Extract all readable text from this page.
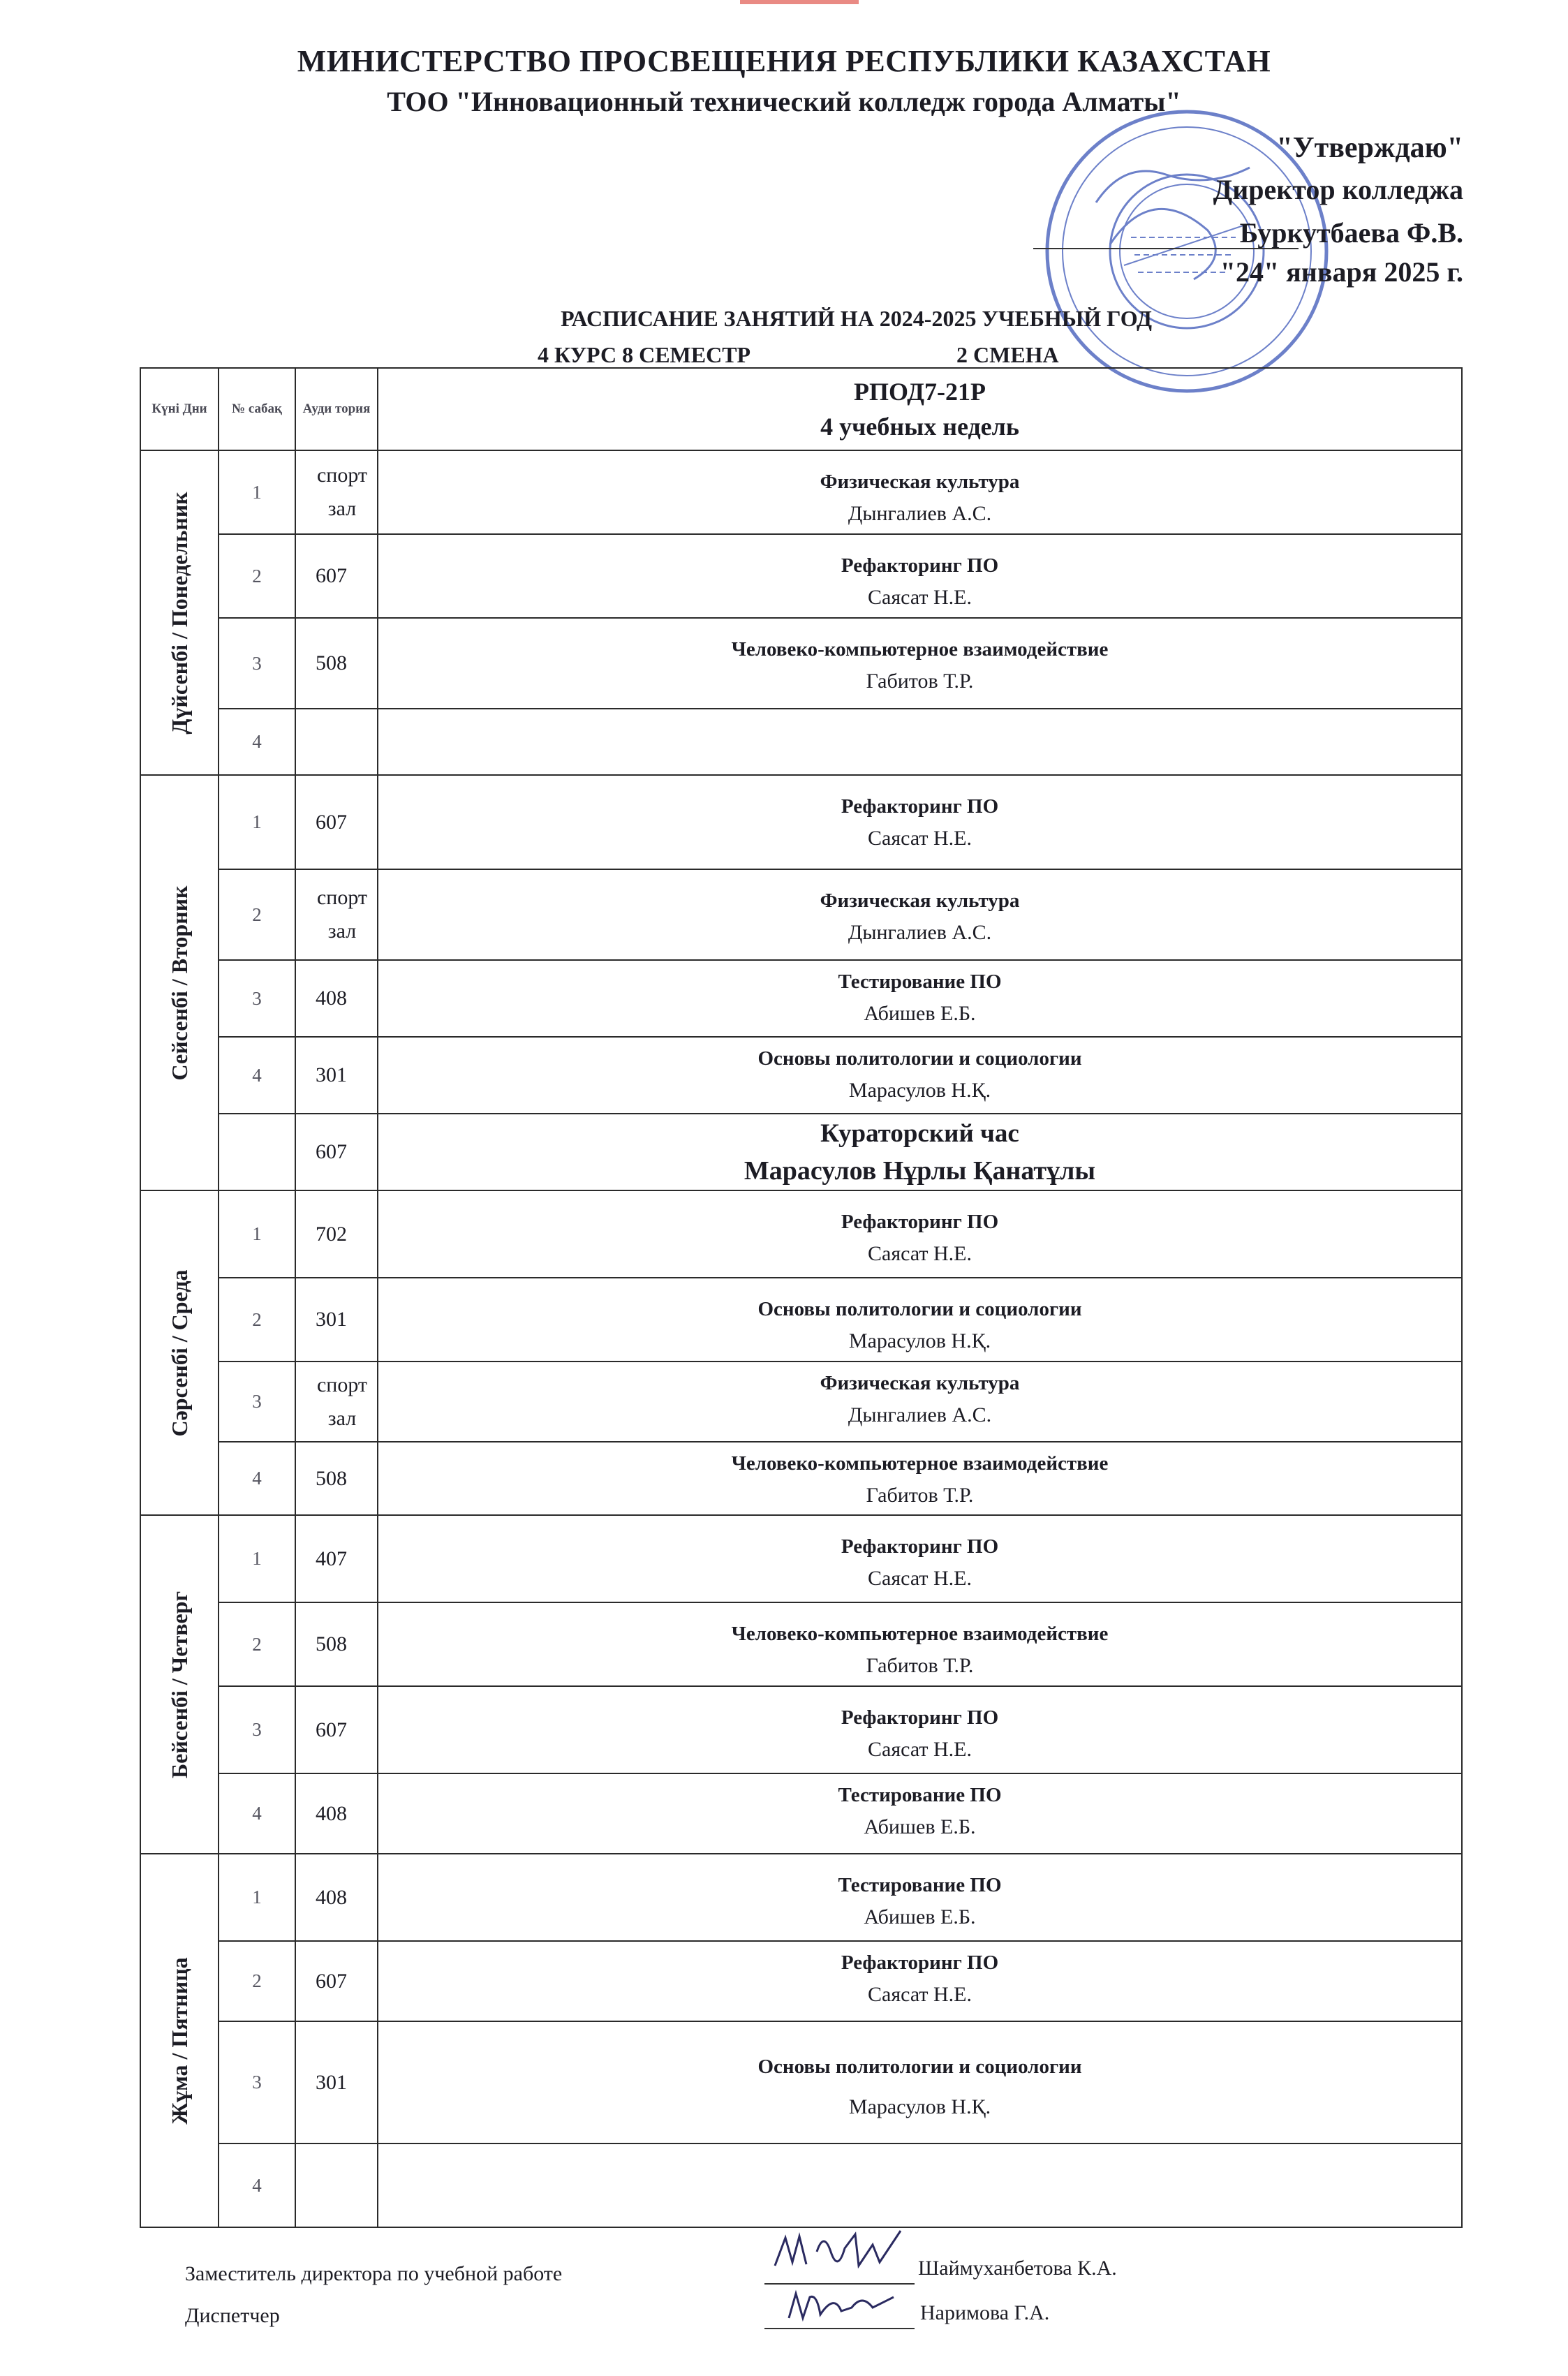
МИНИСТЕРСТВО ПРОСВЕЩЕНИЯ РЕСПУБЛИКИ КАЗАХСТАН
ТОО "Инновационный технический колледж города Алматы"
"Утверждаю"
Директор колледжа
Буркутбаева Ф.В.
"24" января 2025 г.
РАСПИСАНИЕ ЗАНЯТИЙ НА 2024-2025 УЧЕБНЫЙ ГОД
4 КУРС 8 СЕМЕСТР	2 СМЕНА
Күні Дни	№ сабақ	Ауди тория	РПОД7-21Р
4 учебных недель

Дүйсенбі / Понедельник	1	спорт зал	Физическая культура
Дынгалиев А.С.

	2	607	Рефакторинг ПО
Саясат Н.Е.

	3	508	Человеко-компьютерное взаимодействие
Габитов Т.Р.

	4		

Сейсенбі / Вторник	1	607	Рефакторинг ПО
Саясат Н.Е.

	2	спорт зал	Физическая культура
Дынгалиев А.С.

	3	408	Тестирование ПО
Абишев Е.Б.

	4	301	Основы политологии и социологии
Марасулов Н.Қ.

		607	Кураторский час
Марасулов Нұрлы Қанатұлы

Сәрсенбі / Среда	1	702	Рефакторинг ПО
Саясат Н.Е.

	2	301	Основы политологии и социологии
Марасулов Н.Қ.

	3	спорт зал	Физическая культура
Дынгалиев А.С.

	4	508	Человеко-компьютерное взаимодействие
Габитов Т.Р.

Бейсенбі / Четверг	1	407	Рефакторинг ПО
Саясат Н.Е.

	2	508	Человеко-компьютерное взаимодействие
Габитов Т.Р.

	3	607	Рефакторинг ПО
Саясат Н.Е.

	4	408	Тестирование ПО
Абишев Е.Б.

Жұма / Пятница	1	408	Тестирование ПО
Абишев Е.Б.

	2	607	Рефакторинг ПО
Саясат Н.Е.

	3	301	Основы политологии и социологии
Марасулов Н.Қ.

	4		
Заместитель директора по учебной работе	Шаймуханбетова К.А.
Диспетчер	Наримова Г.А.
